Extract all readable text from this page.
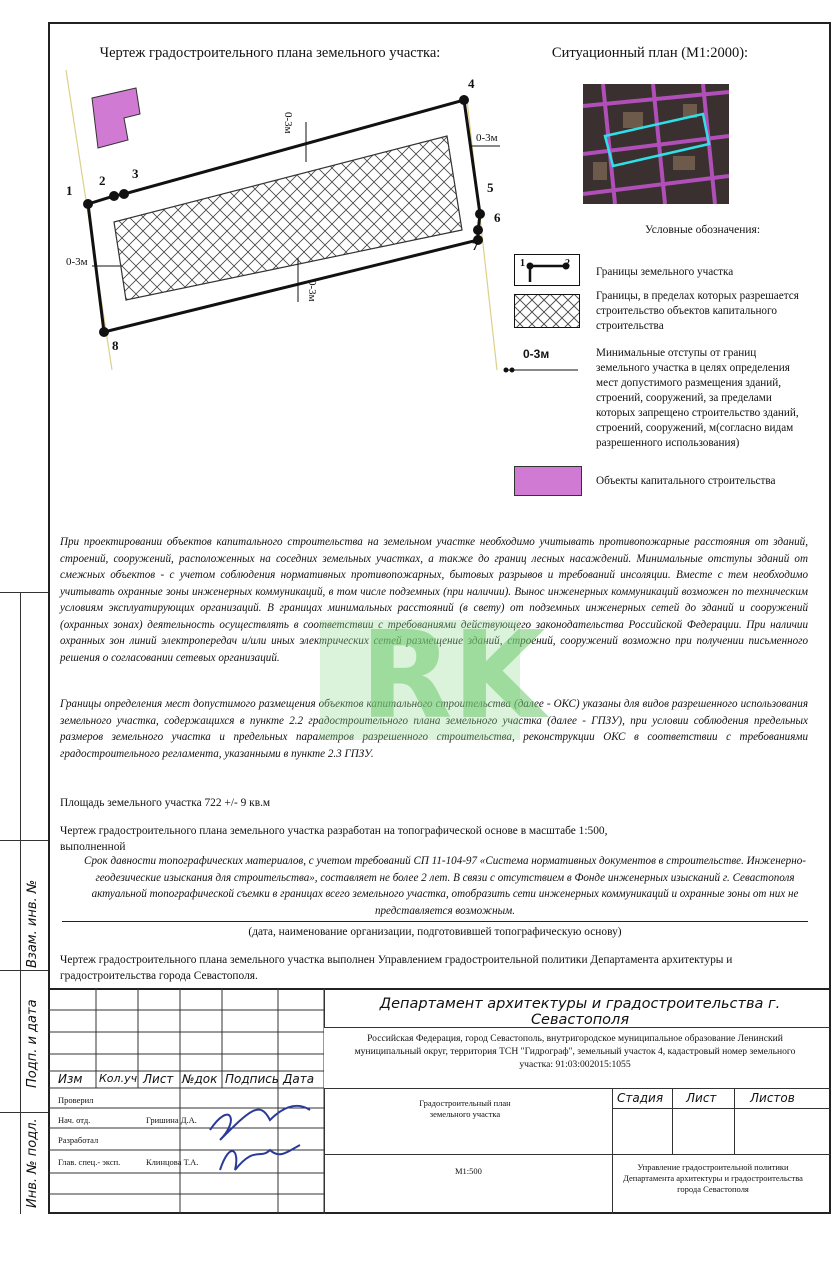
Чертеж градостроительного плана земельного участка:
1
2 3
4
5
6
7
8
0-3м
0-3м
0-3м
0-3м
Ситуационный план (М1:2000):
Условные обозначения:
1	2
Границы земельного участка
Границы, в пределах которых разрешается строительство объектов капитального строительства
0-3м	Минимальные отступы от границ земельного участка в целях определения мест допустимого размещения зданий, строений, сооружений, за пределами которых запрещено строительство зданий, строений, сооружений, м(согласно видам разрешенного использования)
Объекты капитального строительства
При проектировании объектов капитального строительства на земельном участке необходимо учитывать противопожарные расстояния от зданий, строений, сооружений, расположенных на соседних земельных участках, а также до границ лесных насаждений. Минимальные отступы зданий от смежных объектов - с учетом соблюдения нормативных противопожарных, бытовых разрывов и требований инсоляции. Вместе с тем необходимо учитывать охранные зоны инженерных коммуникаций, в том числе подземных (при наличии). Вынос инженерных коммуникаций возможен по техническим условиям эксплуатирующих организаций. В границах минимальных расстояний (в свету) от подземных инженерных сетей до зданий и сооружений (охранных зонах) деятельность осуществлять в соответствии с требованиями действующего законодательства Российской Федерации. При наличии охранных зон линий электропередач и/или иных электрических сетей размещение зданий, строений, сооружений возможно при получении письменного решения о согласовании сетевых организаций.
Границы определения мест допустимого размещения объектов капитального строительства (далее - ОКС) указаны для видов разрешенного использования земельного участка, содержащихся в пункте 2.2 градостроительного плана земельного участка (далее - ГПЗУ), при условии соблюдения предельных размеров земельного участка и предельных параметров разрешенного строительства, реконструкции ОКС в соответствии с требованиями градостроительного регламента, указанными в пункте 2.3 ГПЗУ.
Площадь земельного участка 722 +/- 9 кв.м
Чертеж градостроительного плана земельного участка разработан на топографической основе в масштабе 1:500,
выполненной
Срок давности топографических материалов, с учетом требований СП 11-104-97 «Система нормативных документов в строительстве. Инженерно-геодезические изыскания для строительства», составляет не более 2 лет. В связи с отсутствием в Фонде инженерных изысканий г. Севастополя актуальной топографической съемки в границах всего земельного участка, отобразить сети инженерных коммуникаций и охранные зоны от них не представляется возможным.
(дата, наименование организации, подготовившей топографическую основу)
Чертеж градостроительного плана земельного участка выполнен Управлением градостроительной политики Департамента архитектуры и градостроительства города Севастополя.
RK
Изм Кол.уч Лист №док Подпись Дата
Проверил
Нач. отд.	Гришина Д.А.
Разработал
Глав. спец.- эксп.	Клинцова Т.А.
Департамент архитектуры и градостроительства г. Севастополя
Российская Федерация, город Севастополь, внутригородское муниципальное образование Ленинский муниципальный округ, территория ТСН "Гидрограф", земельный участок 4, кадастровый номер земельного участка: 91:03:002015:1055
Градостроительный план земельного участка
Стадия Лист	Листов
М1:500	Управление градостроительной политики Департамента архитектуры и градостроительства города Севастополя
Взам. инв. №
Подп. и дата
Инв. № подл.
